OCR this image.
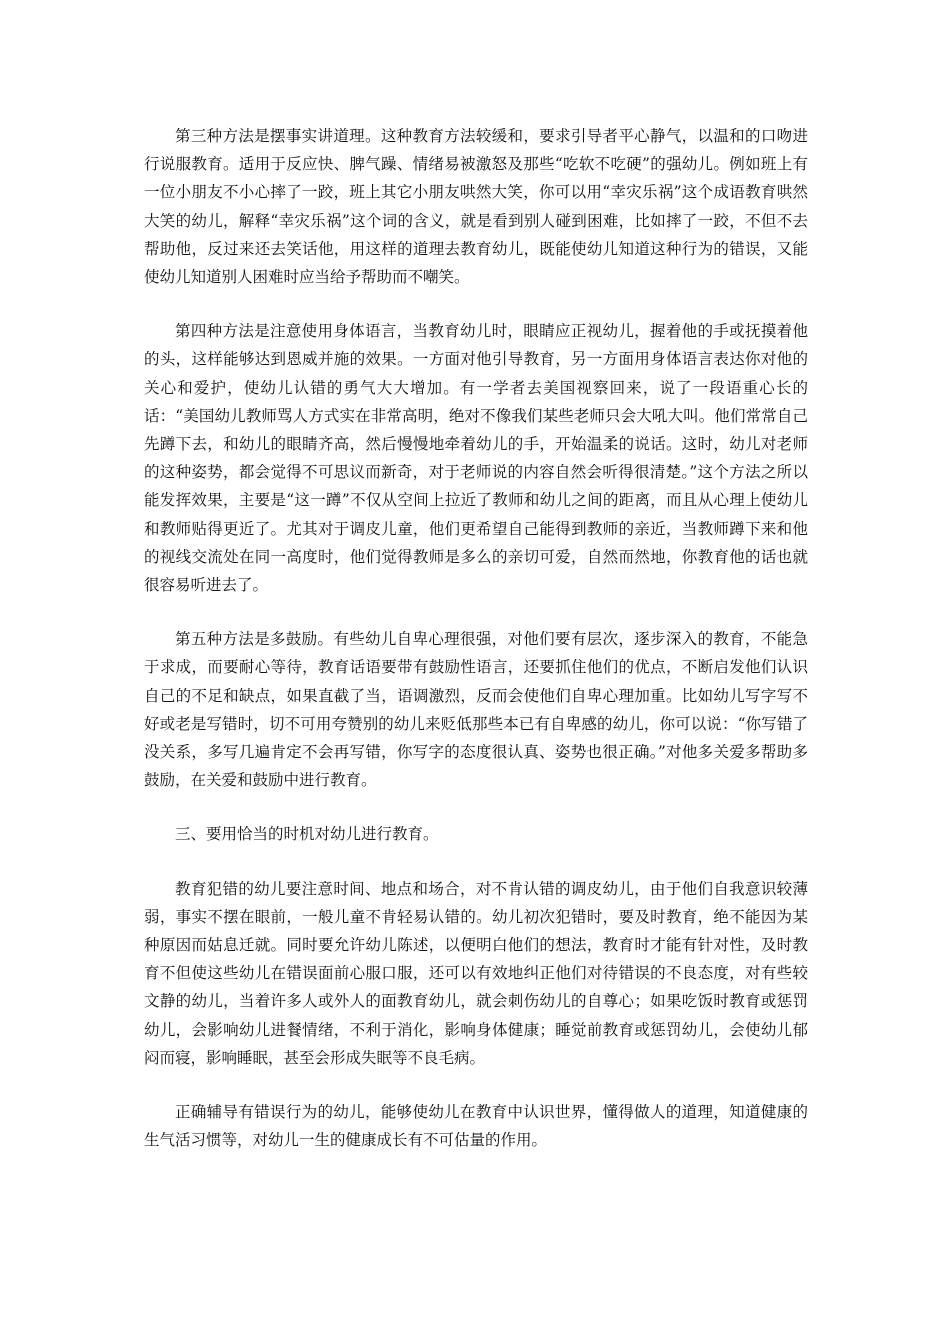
第三种方法是摆事实讲道理。这种教育方法较缓和，要求引导者平心静气，以温和的口吻进行说服教育。适用于反应快、脾气躁、情绪易被激怒及那些“吃软不吃硬”的强幼儿。例如班上有一位小朋友不小心摔了一跤，班上其它小朋友哄然大笑，你可以用“幸灾乐祸”这个成语教育哄然大笑的幼儿，解释“幸灾乐祸”这个词的含义，就是看到别人碰到困难，比如摔了一跤，不但不去帮助他，反过来还去笑话他，用这样的道理去教育幼儿，既能使幼儿知道这种行为的错误，又能使幼儿知道别人困难时应当给予帮助而不嘲笑。

第四种方法是注意使用身体语言，当教育幼儿时，眼睛应正视幼儿，握着他的手或抚摸着他的头，这样能够达到恩威并施的效果。一方面对他引导教育，另一方面用身体语言表达你对他的关心和爱护，使幼儿认错的勇气大大增加。有一学者去美国视察回来，说了一段语重心长的话：“美国幼儿教师骂人方式实在非常高明，绝对不像我们某些老师只会大吼大叫。他们常常自己先蹲下去，和幼儿的眼睛齐高，然后慢慢地牵着幼儿的手，开始温柔的说话。这时，幼儿对老师的这种姿势，都会觉得不可思议而新奇，对于老师说的内容自然会听得很清楚。”这个方法之所以能发挥效果，主要是“这一蹲”不仅从空间上拉近了教师和幼儿之间的距离，而且从心理上使幼儿和教师贴得更近了。尤其对于调皮儿童，他们更希望自己能得到教师的亲近，当教师蹲下来和他的视线交流处在同一高度时，他们觉得教师是多么的亲切可爱，自然而然地，你教育他的话也就很容易听进去了。

第五种方法是多鼓励。有些幼儿自卑心理很强，对他们要有层次，逐步深入的教育，不能急于求成，而要耐心等待，教育话语要带有鼓励性语言，还要抓住他们的优点，不断启发他们认识自己的不足和缺点，如果直截了当，语调激烈，反而会使他们自卑心理加重。比如幼儿写字写不好或老是写错时，切不可用夸赞别的幼儿来贬低那些本已有自卑感的幼儿，你可以说：“你写错了没关系，多写几遍肯定不会再写错，你写字的态度很认真、姿势也很正确。”对他多关爱多帮助多鼓励，在关爱和鼓励中进行教育。

三、要用恰当的时机对幼儿进行教育。

教育犯错的幼儿要注意时间、地点和场合，对不肯认错的调皮幼儿，由于他们自我意识较薄弱，事实不摆在眼前，一般儿童不肯轻易认错的。幼儿初次犯错时，要及时教育，绝不能因为某种原因而姑息迁就。同时要允许幼儿陈述，以便明白他们的想法，教育时才能有针对性，及时教育不但使这些幼儿在错误面前心服口服，还可以有效地纠正他们对待错误的不良态度，对有些较文静的幼儿，当着许多人或外人的面教育幼儿，就会刺伤幼儿的自尊心；如果吃饭时教育或惩罚幼儿，会影响幼儿进餐情绪，不利于消化，影响身体健康；睡觉前教育或惩罚幼儿，会使幼儿郁闷而寝，影响睡眠，甚至会形成失眠等不良毛病。

正确辅导有错误行为的幼儿，能够使幼儿在教育中认识世界，懂得做人的道理，知道健康的生气活习惯等，对幼儿一生的健康成长有不可估量的作用。
